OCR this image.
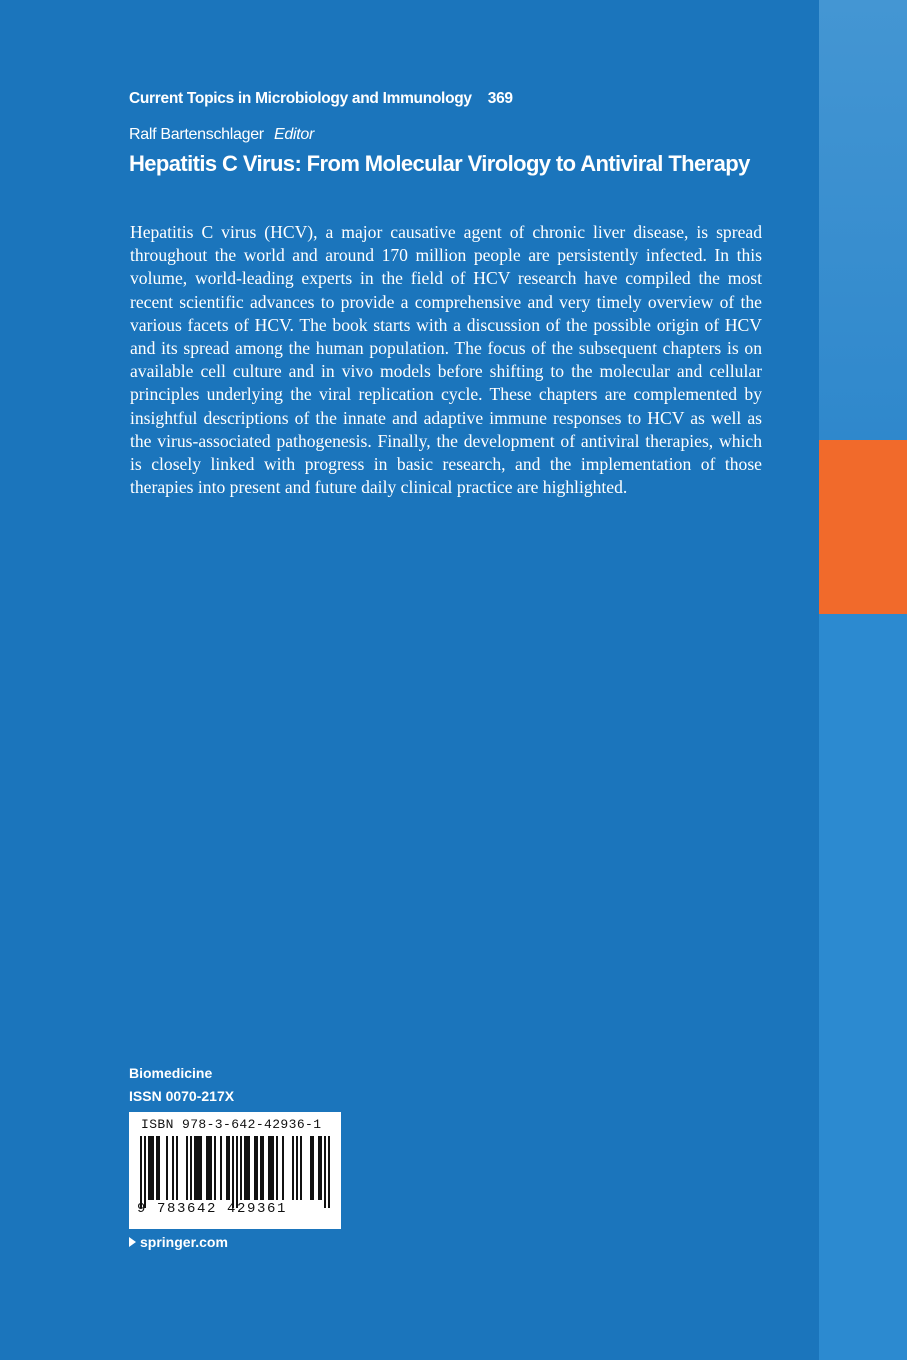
Current Topics in Microbiology and Immunology 369
Ralf Bartenschlager Editor
Hepatitis C Virus: From Molecular Virology to Antiviral Therapy

Hepatitis C virus (HCV), a major causative agent of chronic liver disease, is spread throughout the world and around 170 million people are persistently infected. In this volume, world-leading experts in the field of HCV research have compiled the most recent scientific advances to provide a comprehensive and very timely overview of the various facets of HCV. The book starts with a discussion of the possible origin of HCV and its spread among the human population. The focus of the subsequent chapters is on available cell culture and in vivo models before shifting to the molecular and cellular principles underlying the viral replication cycle. These chapters are complemented by insightful descriptions of the innate and adaptive immune responses to HCV as well as the virus-associated pathogenesis. Finally, the development of antiviral therapies, which is closely linked with progress in basic research, and the implementation of those therapies into present and future daily clinical practice are highlighted.

Biomedicine
ISSN 0070-217X
ISBN 978-3-642-42936-1
9 783642 429361
springer.com
